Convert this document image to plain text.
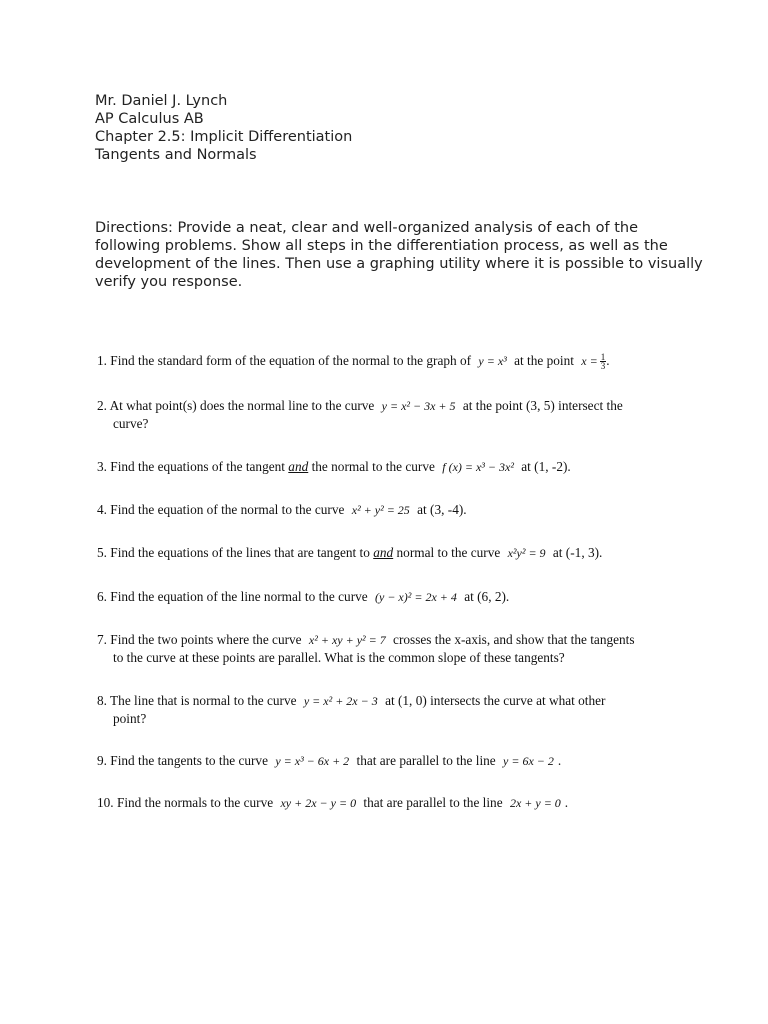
Mr. Daniel J. Lynch
AP Calculus AB
Chapter 2.5: Implicit Differentiation
Tangents and Normals
Directions: Provide a neat, clear and well-organized analysis of each of the following problems. Show all steps in the differentiation process, as well as the development of the lines. Then use a graphing utility where it is possible to visually verify you response.
1. Find the standard form of the equation of the normal to the graph of y = x³ at the point $x = \frac{1}{3}$ .
2. At what point(s) does the normal line to the curve y = x² − 3x + 5 at the point (3, 5) intersect the
curve?
3. Find the equations of the tangent and the normal to the curve f (x) = x³ − 3x² at (1, -2).
4. Find the equation of the normal to the curve x² + y² = 25 at (3, -4).
5. Find the equations of the lines that are tangent to and normal to the curve x²y² = 9 at (-1, 3).
6. Find the equation of the line normal to the curve (y − x)² = 2x + 4 at (6, 2).
7. Find the two points where the curve x² + xy + y² = 7 crosses the x-axis, and show that the tangents
to the curve at these points are parallel. What is the common slope of these tangents?
8. The line that is normal to the curve y = x² + 2x − 3 at (1, 0) intersects the curve at what other
point?
9. Find the tangents to the curve y = x³ − 6x + 2 that are parallel to the line y = 6x − 2 .
10. Find the normals to the curve xy + 2x − y = 0 that are parallel to the line 2x + y = 0 .
